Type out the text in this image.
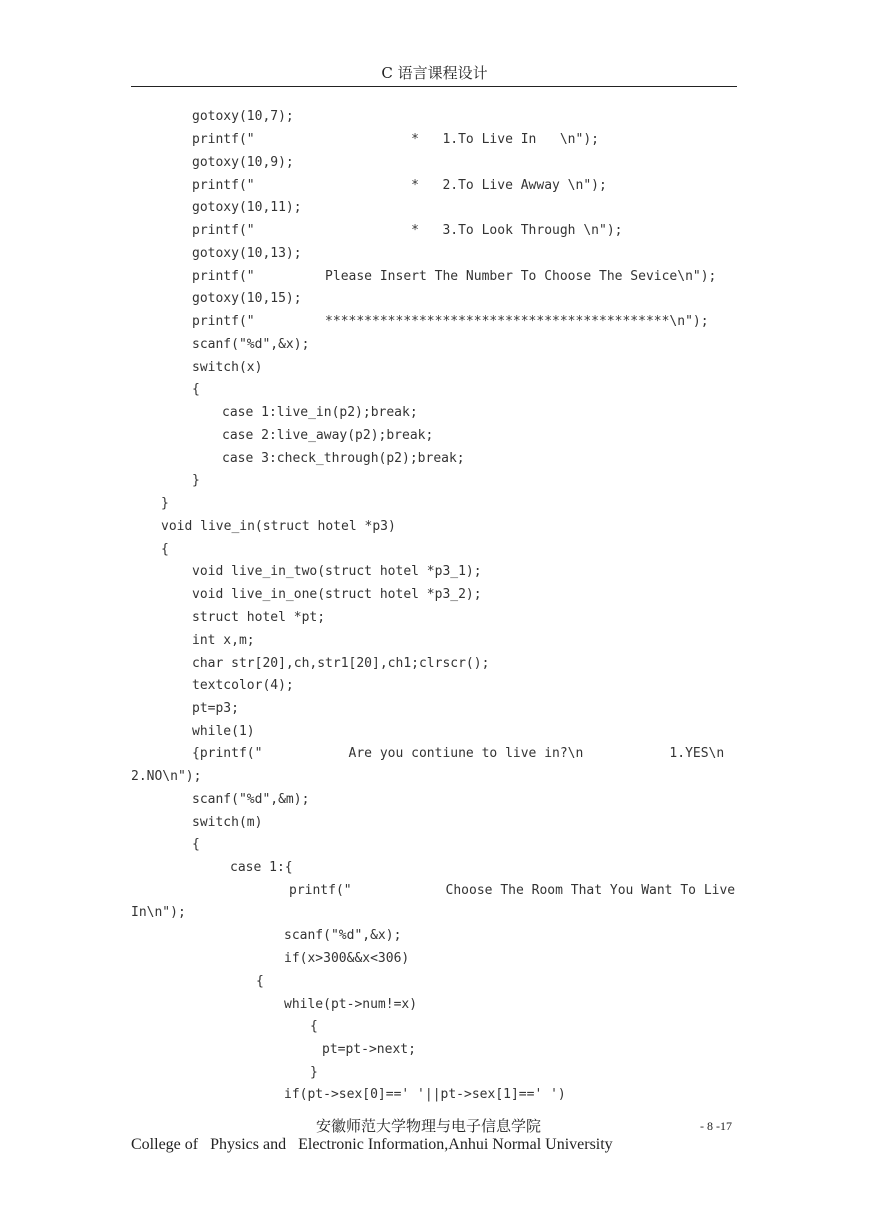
C 语言课程设计
gotoxy(10,7);
printf("                    *   1.To Live In   \n");
gotoxy(10,9);
printf("                    *   2.To Live Awway \n");
gotoxy(10,11);
printf("                    *   3.To Look Through \n");
gotoxy(10,13);
printf("         Please Insert The Number To Choose The Sevice\n");
gotoxy(10,15);
printf("         ********************************************\n");
scanf("%d",&x);
switch(x)
{
case 1:live_in(p2);break;
case 2:live_away(p2);break;
case 3:check_through(p2);break;
}
}
void live_in(struct hotel *p3)
{
void live_in_two(struct hotel *p3_1);
void live_in_one(struct hotel *p3_2);
struct hotel *pt;
int x,m;
char str[20],ch,str1[20],ch1;clrscr();
textcolor(4);
pt=p3;
while(1)
{printf("           Are you contiune to live in?\n           1.YES\n
2.NO\n");
scanf("%d",&m);
switch(m)
{
case 1:{
printf("            Choose The Room That You Want To Live
In\n");
scanf("%d",&x);
if(x>300&&x<306)
{
while(pt->num!=x)
{
pt=pt->next;
}
if(pt->sex[0]==' '||pt->sex[1]==' ')
安徽师范大学物理与电子信息学院	- 8 -17
College of   Physics and   Electronic Information,Anhui Normal University
